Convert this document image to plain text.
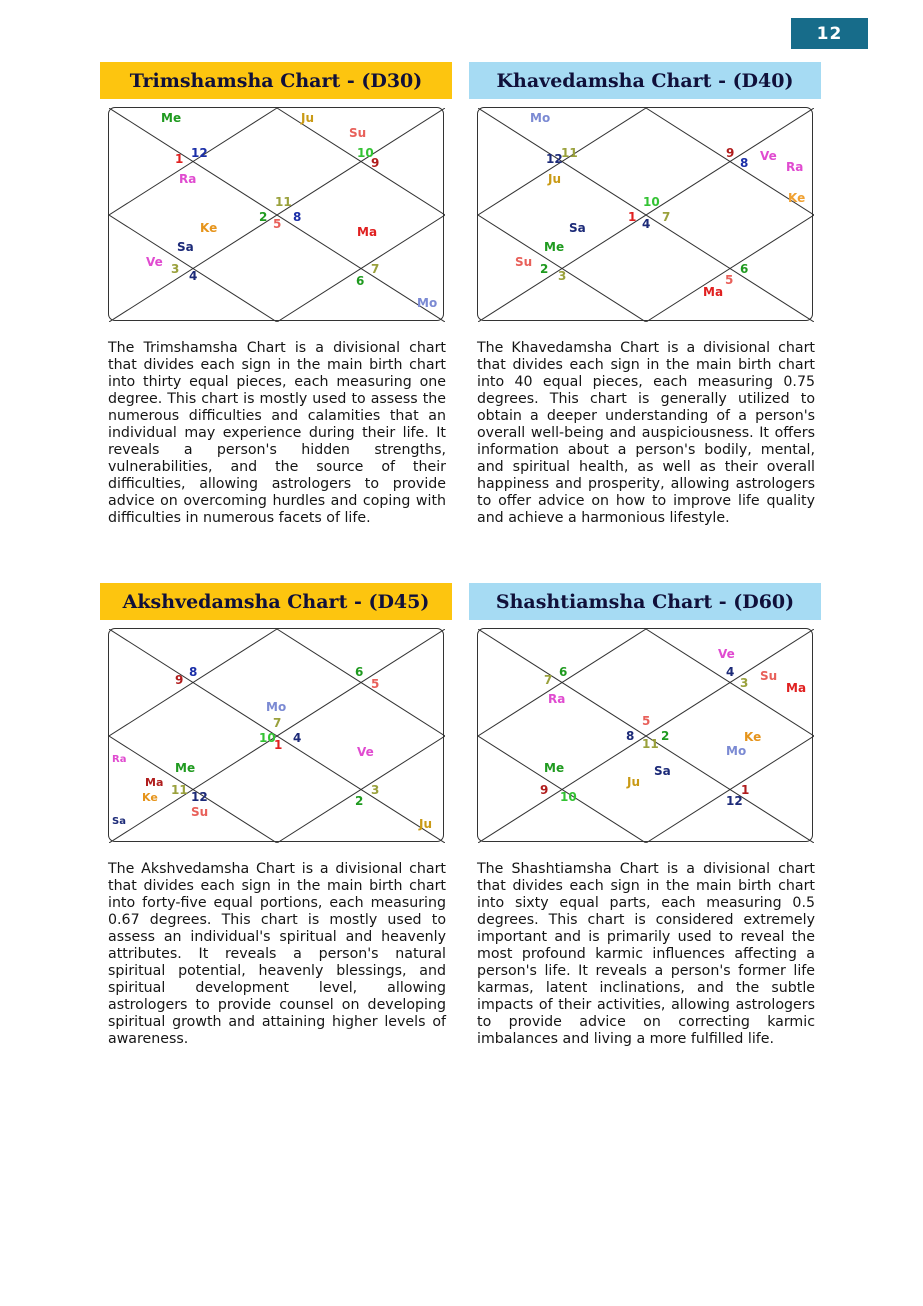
12
Trimshamsha Chart - (D30)
Me	Ju
Su
1 12	10
9
Ra
11
2 8
5
Ke	Ma
Sa
Ve 3 4	7
6
Mo

The Trimshamsha Chart is a divisional chart that divides each sign in the main birth chart into thirty equal pieces, each measuring one degree. This chart is mostly used to assess the numerous difficulties and calamities that an individual may experience during their life. It reveals a person's hidden strengths, vulnerabilities, and the source of their difficulties, allowing astrologers to provide advice on overcoming hurdles and coping with difficulties in numerous facets of life.

Khavedamsha Chart - (D40)
Mo
12
11	9
8 Ve
Ra
Ju
Ke
10
1 7
4
Sa
Me
Su 2 3	6
5
Ma

The Khavedamsha Chart is a divisional chart that divides each sign in the main birth chart into 40 equal pieces, each measuring 0.75 degrees. This chart is generally utilized to obtain a deeper understanding of a person's overall well-being and auspiciousness. It offers information about a person's bodily, mental, and spiritual health, as well as their overall happiness and prosperity, allowing astrologers to offer advice on how to improve life quality and achieve a harmonious lifestyle.

Akshvedamsha Chart - (D45)
9
8	6
5
Mo
7
10 4
1	Ve
Ra
Me
Ma
11 12	3
Ke	2
Su
Sa	Ju

The Akshvedamsha Chart is a divisional chart that divides each sign in the main birth chart into forty-five equal portions, each measuring 0.67 degrees. This chart is mostly used to assess an individual's spiritual and heavenly attributes. It reveals a person's natural spiritual potential, heavenly blessings, and spiritual development level, allowing astrologers to provide counsel on developing spiritual growth and attaining higher levels of awareness.

Shashtiamsha Chart - (D60)
Ve
7
6	4 Su
3	Ma
Ra
5
8 2
11	Ke
Mo
Me	Sa
Ju
9	1
10	12

The Shashtiamsha Chart is a divisional chart that divides each sign in the main birth chart into sixty equal parts, each measuring 0.5 degrees. This chart is considered extremely important and is primarily used to reveal the most profound karmic influences affecting a person's life. It reveals a person's former life karmas, latent inclinations, and the subtle impacts of their activities, allowing astrologers to provide advice on correcting karmic imbalances and living a more fulfilled life.
